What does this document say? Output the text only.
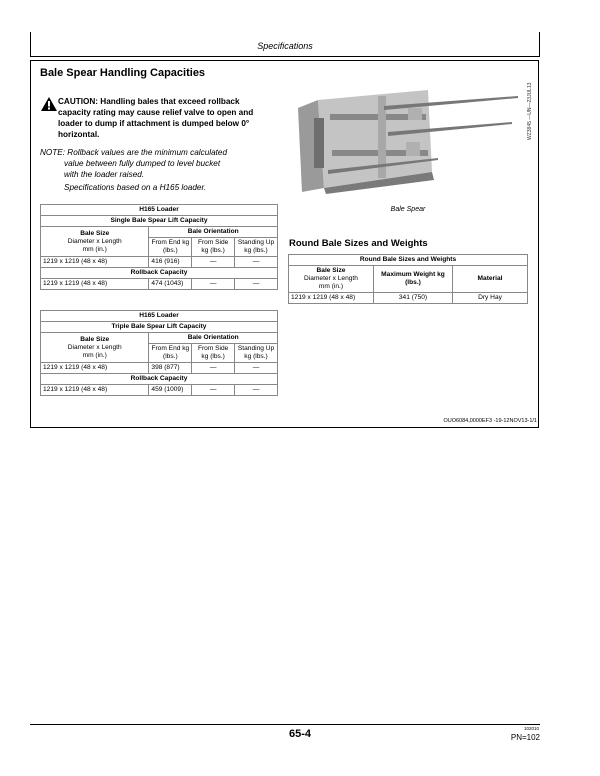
Specifications
Bale Spear Handling Capacities
CAUTION: Handling bales that exceed rollback capacity rating may cause relief valve to open and loader to dump if attachment is dumped below 0° horizontal.
NOTE: Rollback values are the minimum calculated
value between fully dumped to level bucket
with the loader raised.
Specifications based on a H165 loader.
H165 Loader			
Single Bale Spear Lift Capacity			
Bale Size
Diameter x Length
mm (in.)	Bale Orientation		
	From End kg (lbs.)	From Side kg (lbs.)	Standing Up kg (lbs.)
1219 x 1219 (48 x 48)	416 (916)	—	—
Rollback Capacity			
1219 x 1219 (48 x 48)	474 (1043)	—	—
H165 Loader			
Triple Bale Spear Lift Capacity			
Bale Size
Diameter x Length
mm (in.)	Bale Orientation		
	From End kg (lbs.)	From Side kg (lbs.)	Standing Up kg (lbs.)
1219 x 1219 (48 x 48)	398 (877)	—	—
Rollback Capacity			
1219 x 1219 (48 x 48)	459 (1009)	—	—
WZ3845 —UN—23JUL13
Bale Spear
Round Bale Sizes and Weights
Round Bale Sizes and Weights		
Bale Size
Diameter x Length
mm (in.)	Maximum Weight kg (lbs.)	Material
1219 x 1219 (48 x 48)	341 (750)	Dry Hay
OUO6084,0000EF3 -19-12NOV13-1/1
65-4	102010
PN=102
